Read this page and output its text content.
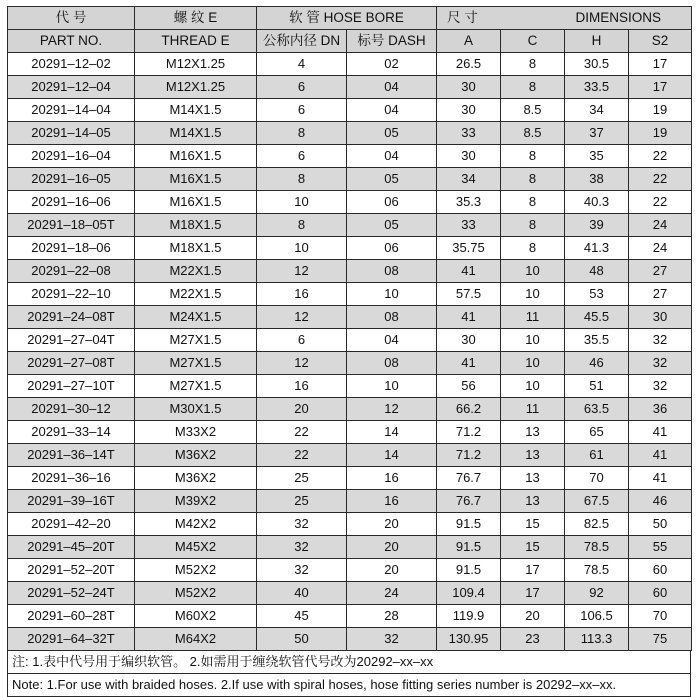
代 号	螺 纹 E	软 管 HOSE BORE		尺 寸 DIMENSIONS			

PART NO.	THREAD E	公称内径 DN	标号 DASH	A	C	H	S2
20291–12–02	M12X1.25	4	02	26.5	8	30.5	17
20291–12–04	M12X1.25	6	04	30	8	33.5	17
20291–14–04	M14X1.5	6	04	30	8.5	34	19
20291–14–05	M14X1.5	8	05	33	8.5	37	19
20291–16–04	M16X1.5	6	04	30	8	35	22
20291–16–05	M16X1.5	8	05	34	8	38	22
20291–16–06	M16X1.5	10	06	35.3	8	40.3	22
20291–18–05T	M18X1.5	8	05	33	8	39	24
20291–18–06	M18X1.5	10	06	35.75	8	41.3	24
20291–22–08	M22X1.5	12	08	41	10	48	27
20291–22–10	M22X1.5	16	10	57.5	10	53	27
20291–24–08T	M24X1.5	12	08	41	11	45.5	30
20291–27–04T	M27X1.5	6	04	30	10	35.5	32
20291–27–08T	M27X1.5	12	08	41	10	46	32
20291–27–10T	M27X1.5	16	10	56	10	51	32
20291–30–12	M30X1.5	20	12	66.2	11	63.5	36
20291–33–14	M33X2	22	14	71.2	13	65	41
20291–36–14T	M36X2	22	14	71.2	13	61	41
20291–36–16	M36X2	25	16	76.7	13	70	41
20291–39–16T	M39X2	25	16	76.7	13	67.5	46
20291–42–20	M42X2	32	20	91.5	15	82.5	50
20291–45–20T	M45X2	32	20	91.5	15	78.5	55
20291–52–20T	M52X2	32	20	91.5	17	78.5	60
20291–52–24T	M52X2	40	24	109.4	17	92	60
20291–60–28T	M60X2	45	28	119.9	20	106.5	70
20291–64–32T	M64X2	50	32	130.95	23	113.3	75
注: 1.表中代号用于编织软管。 2.如需用于缠绕软管代号改为20292–xx–xx
Note: 1.For use with braided hoses. 2.If use with spiral hoses, hose fitting series number is 20292–xx–xx.
